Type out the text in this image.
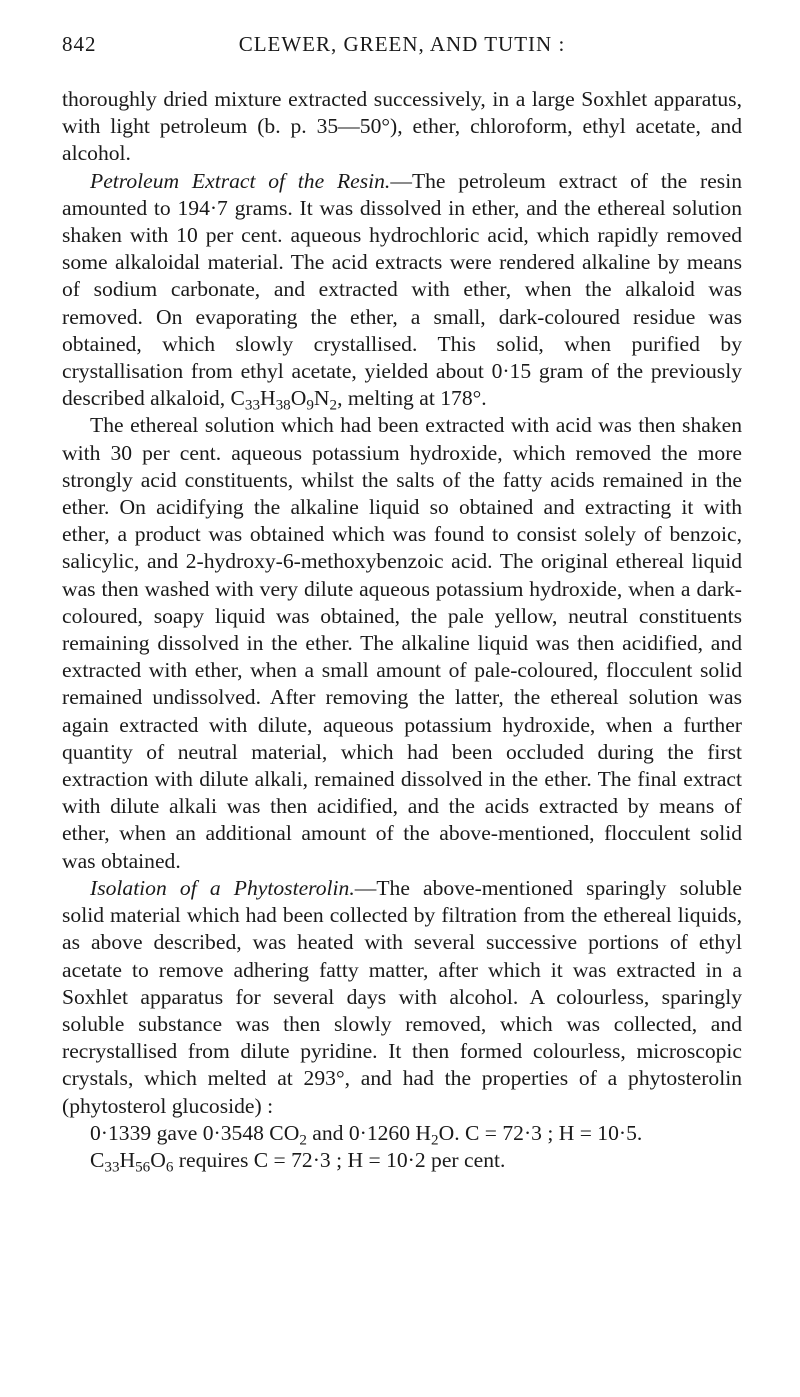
842	CLEWER, GREEN, AND TUTIN :

thoroughly dried mixture extracted successively, in a large Soxhlet apparatus, with light petroleum (b. p. 35—50°), ether, chloroform, ethyl acetate, and alcohol.

Petroleum Extract of the Resin.—The petroleum extract of the resin amounted to 194·7 grams. It was dissolved in ether, and the ethereal solution shaken with 10 per cent. aqueous hydrochloric acid, which rapidly removed some alkaloidal material. The acid extracts were rendered alkaline by means of sodium carbonate, and extracted with ether, when the alkaloid was removed. On evaporating the ether, a small, dark-coloured residue was obtained, which slowly crystallised. This solid, when purified by crystallisation from ethyl acetate, yielded about 0·15 gram of the previously described alkaloid, $C_{33}H_{38}O_9N_2$, melting at 178°.

The ethereal solution which had been extracted with acid was then shaken with 30 per cent. aqueous potassium hydroxide, which removed the more strongly acid constituents, whilst the salts of the fatty acids remained in the ether. On acidifying the alkaline liquid so obtained and extracting it with ether, a product was obtained which was found to consist solely of benzoic, salicylic, and 2-hydroxy-6-methoxybenzoic acid. The original ethereal liquid was then washed with very dilute aqueous potassium hydroxide, when a dark-coloured, soapy liquid was obtained, the pale yellow, neutral constituents remaining dissolved in the ether. The alkaline liquid was then acidified, and extracted with ether, when a small amount of pale-coloured, flocculent solid remained undissolved. After removing the latter, the ethereal solution was again extracted with dilute, aqueous potassium hydroxide, when a further quantity of neutral material, which had been occluded during the first extraction with dilute alkali, remained dissolved in the ether. The final extract with dilute alkali was then acidified, and the acids extracted by means of ether, when an additional amount of the above-mentioned, flocculent solid was obtained.

Isolation of a Phytosterolin.—The above-mentioned sparingly soluble solid material which had been collected by filtration from the ethereal liquids, as above described, was heated with several successive portions of ethyl acetate to remove adhering fatty matter, after which it was extracted in a Soxhlet apparatus for several days with alcohol. A colourless, sparingly soluble substance was then slowly removed, which was collected, and recrystallised from dilute pyridine. It then formed colourless, microscopic crystals, which melted at 293°, and had the properties of a phytosterolin (phytosterol glucoside) :

0·1339 gave 0·3548 $CO_2$ and 0·1260 $H_2O$. C = 72·3 ; H = 10·5.

$C_{33}H_{56}O_6$ requires C = 72·3 ; H = 10·2 per cent.
